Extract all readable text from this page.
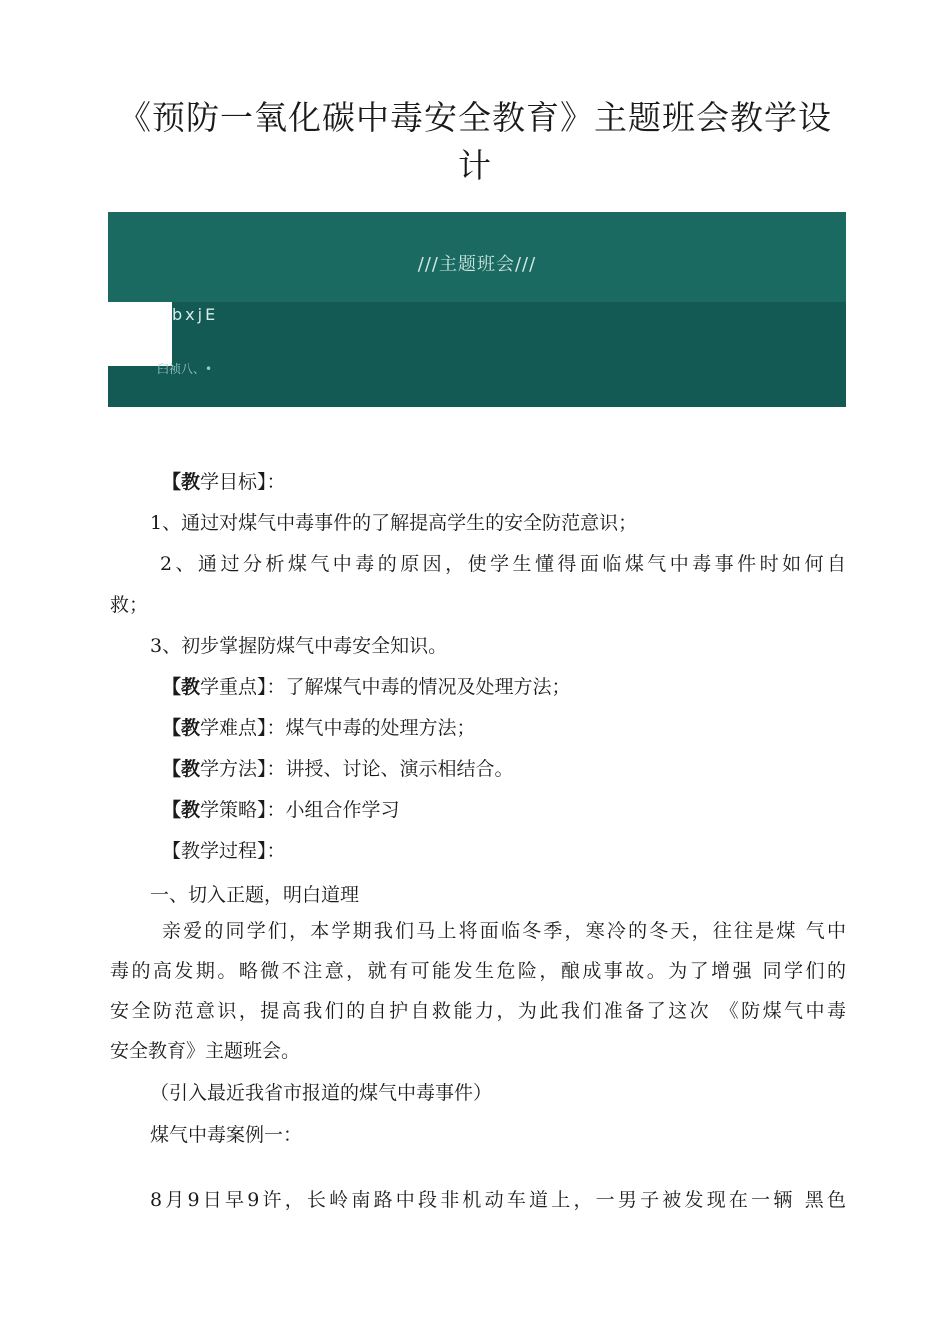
《预防一氧化碳中毒安全教育》主题班会教学设
计
///主题班会///
bxjE
臼祯八、•
【教学目标】：
1、通过对煤气中毒事件的了解提高学生的安全防范意识；
2、通过分析煤气中毒的原因，使学生懂得面临煤气中毒事件时如何自
救；
3、初步掌握防煤气中毒安全知识。
【教学重点】：了解煤气中毒的情况及处理方法；
【教学难点】：煤气中毒的处理方法；
【教学方法】：讲授、讨论、演示相结合。
【教学策略】：小组合作学习
【教学过程】：
一、切入正题，明白道理
亲爱的同学们，本学期我们马上将面临冬季，寒冷的冬天，往往是煤 气中
毒的高发期。略微不注意，就有可能发生危险，酿成事故。为了增强 同学们的
安全防范意识，提高我们的自护自救能力，为此我们准备了这次 《防煤气中毒
安全教育》主题班会。
（引入最近我省市报道的煤气中毒事件）
煤气中毒案例一：
8月9日早9许，长岭南路中段非机动车道上，一男子被发现在一辆 黑色
